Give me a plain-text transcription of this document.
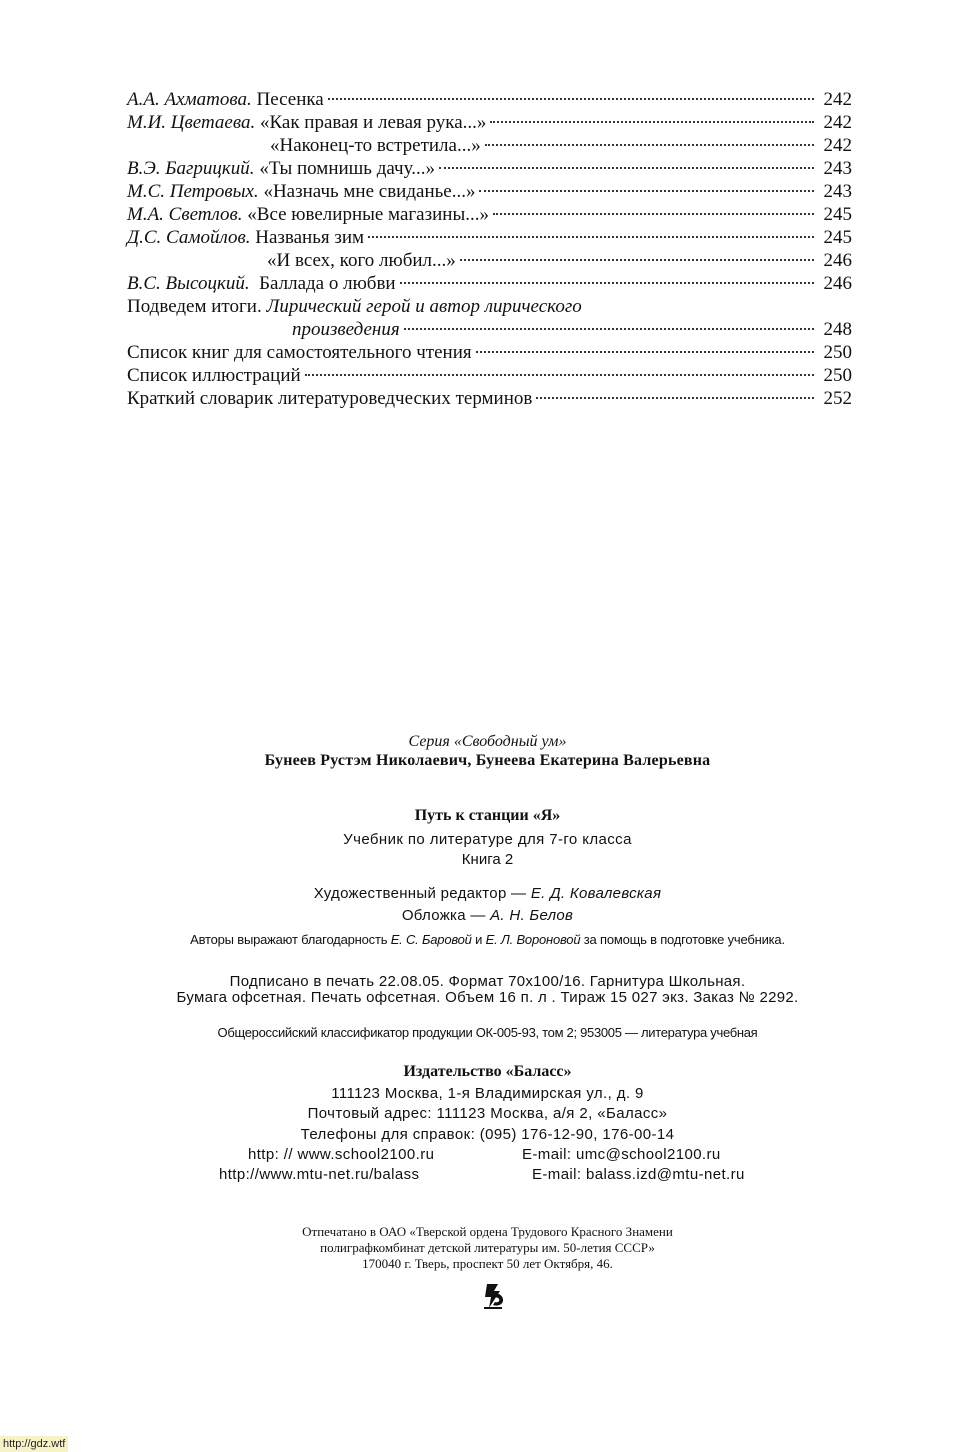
А.А. Ахматова. Песенка	242
М.И. Цветаева. «Как правая и левая рука...»	242
«Наконец-то встретила...»	242
В.Э. Багрицкий. «Ты помнишь дачу...»	243
М.С. Петровых. «Назначь мне свиданье...»	243
М.А. Светлов. «Все ювелирные магазины...»	245
Д.С. Самойлов. Названья зим	245
«И всех, кого любил...»	246
В.С. Высоцкий. Баллада о любви	246
Подведем итоги. Лирический герой и автор лирического
произведения	248
Список книг для самостоятельного чтения	250
Список иллюстраций	250
Краткий словарик литературоведческих терминов	252
Серия «Свободный ум»
Бунеев Рустэм Николаевич, Бунеева Екатерина Валерьевна
Путь к станции «Я»
Учебник по литературе для 7-го класса
Книга 2
Художественный редактор — Е. Д. Ковалевская
Обложка — А. Н. Белов
Авторы выражают благодарность Е. С. Баровой и Е. Л. Вороновой за помощь в подготовке учебника.
Подписано в печать 22.08.05. Формат 70x100/16. Гарнитура Школьная.
Бумага офсетная. Печать офсетная. Объем 16 п. л . Тираж 15 027 экз. Заказ № 2292.
Общероссийский классификатор продукции ОК-005-93, том 2; 953005 — литература учебная
Издательство «Баласс»
111123 Москва, 1-я Владимирская ул., д. 9
Почтовый адрес: 111123 Москва, а/я 2, «Баласс»
Телефоны для справок: (095) 176-12-90, 176-00-14
http: // www.school2100.ru	E-mail: umc@school2100.ru
http://www.mtu-net.ru/balass	E-mail: balass.izd@mtu-net.ru
Отпечатано в ОАО «Тверской ордена Трудового Красного Знамени
полиграфкомбинат детской литературы им. 50-летия СССР»
170040 г. Тверь, проспект 50 лет Октября, 46.
http://gdz.wtf
